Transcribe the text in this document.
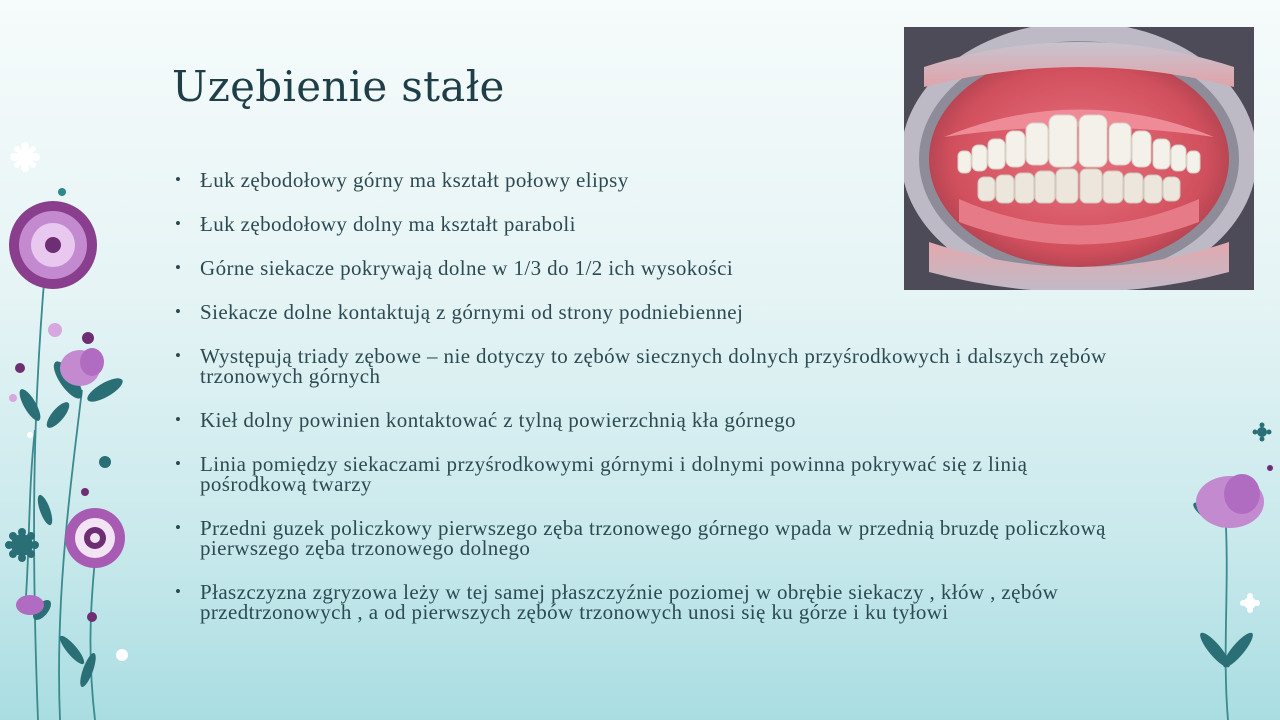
Uzębienie stałe
• Łuk zębodołowy górny ma kształt połowy elipsy
• Łuk zębodołowy dolny ma kształt paraboli
• Górne siekacze pokrywają dolne w 1/3 do 1/2 ich wysokości
• Siekacze dolne kontaktują z górnymi od strony podniebiennej
• Występują triady zębowe – nie dotyczy to zębów siecznych dolnych przyśrodkowych i dalszych zębów trzonowych górnych
• Kieł dolny powinien kontaktować z tylną powierzchnią kła górnego
• Linia pomiędzy siekaczami przyśrodkowymi górnymi i dolnymi powinna pokrywać się z linią pośrodkową twarzy
• Przedni guzek policzkowy pierwszego zęba trzonowego górnego wpada w przednią bruzdę policzkową pierwszego zęba trzonowego dolnego
• Płaszczyzna zgryzowa leży w tej samej płaszczyźnie poziomej w obrębie siekaczy , kłów , zębów przedtrzonowych , a od pierwszych zębów trzonowych unosi się ku górze i ku tyłowi
